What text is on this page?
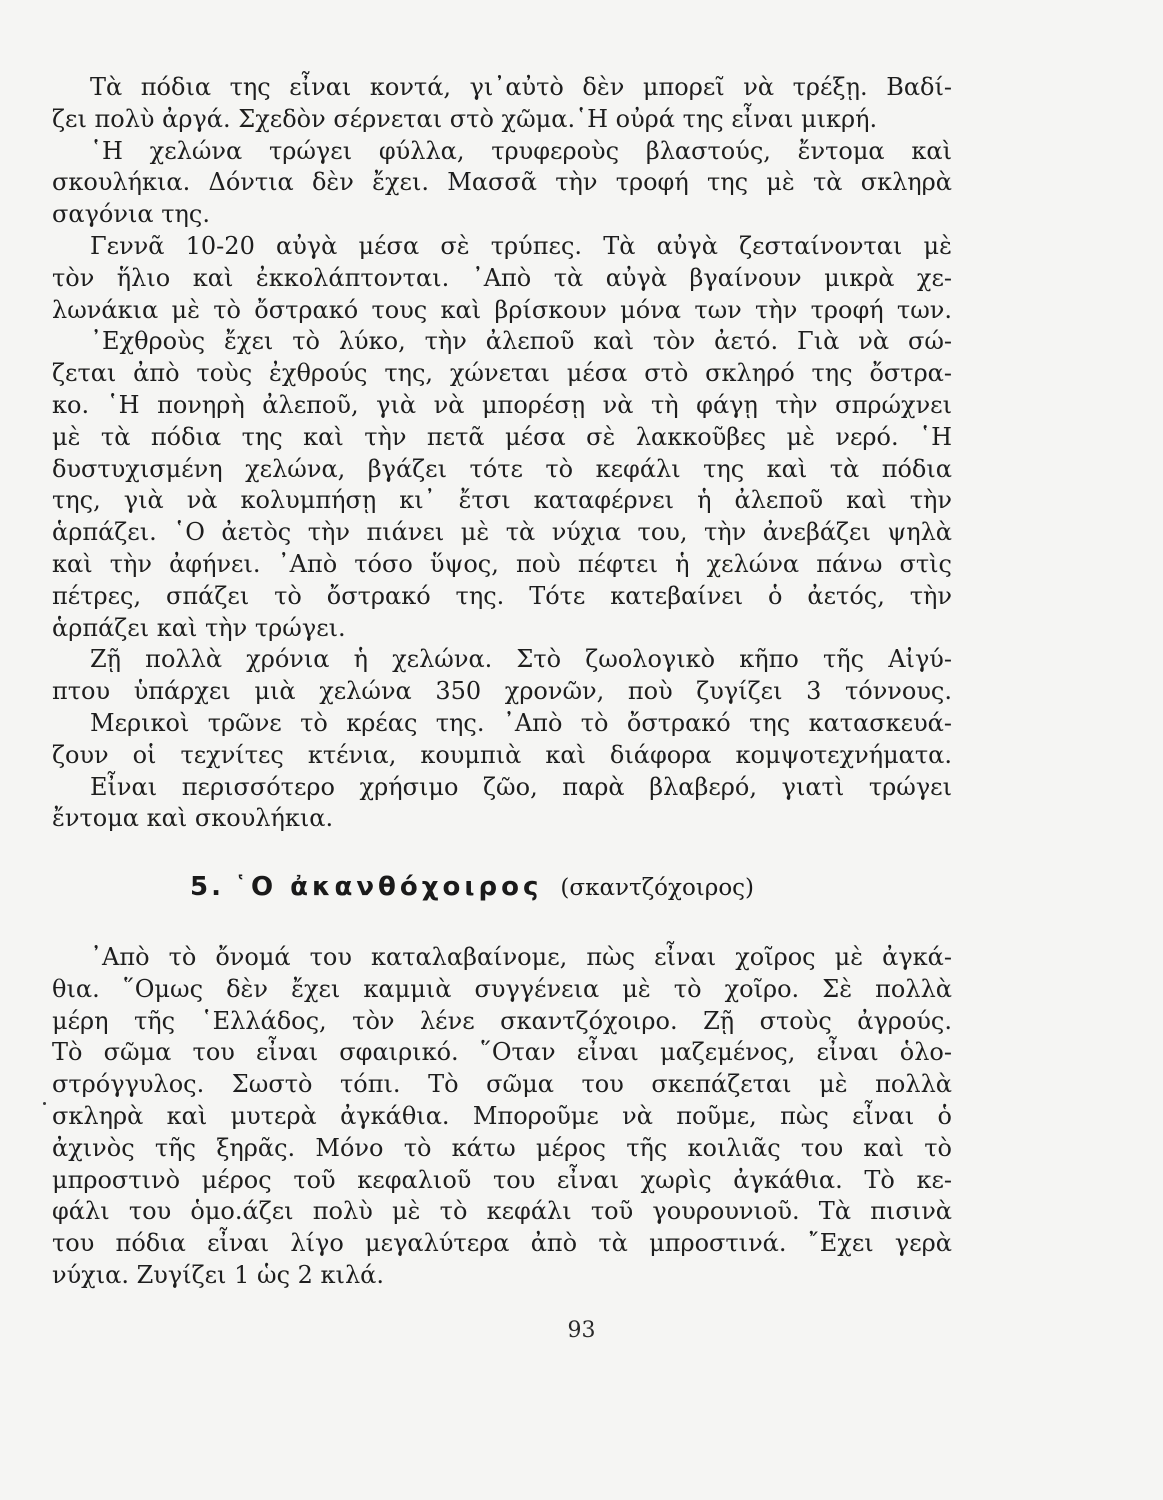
Τὰ πόδια της εἶναι κοντά, γι᾽αὐτὸ δὲν μπορεῖ νὰ τρέξῃ. Βαδί-
ζει πολὺ ἀργά. Σχεδὸν σέρνεται στὸ χῶμα.῾Η οὐρά της εἶναι μικρή.
῾Η χελώνα τρώγει φύλλα, τρυφεροὺς βλαστούς, ἔντομα καὶ
σκουλήκια. Δόντια δὲν ἔχει. Μασσᾶ τὴν τροφή της μὲ τὰ σκληρὰ
σαγόνια της.
Γεννᾶ 10-20 αὐγὰ μέσα σὲ τρύπες. Τὰ αὐγὰ ζεσταίνονται μὲ
τὸν ἥλιο καὶ ἐκκολάπτονται. ᾽Απὸ τὰ αὐγὰ βγαίνουν μικρὰ χε-
λωνάκια μὲ τὸ ὄστρακό τους καὶ βρίσκουν μόνα των τὴν τροφή των.
᾽Εχθροὺς ἔχει τὸ λύκο, τὴν ἀλεποῦ καὶ τὸν ἀετό. Γιὰ νὰ σώ-
ζεται ἀπὸ τοὺς ἐχθρούς της, χώνεται μέσα στὸ σκληρό της ὄστρα-
κο. ῾Η πονηρὴ ἀλεποῦ, γιὰ νὰ μπορέσῃ νὰ τὴ φάγῃ τὴν σπρώχνει
μὲ τὰ πόδια της καὶ τὴν πετᾶ μέσα σὲ λακκοῦβες μὲ νερό. ῾Η
δυστυχισμένη χελώνα, βγάζει τότε τὸ κεφάλι της καὶ τὰ πόδια
της, γιὰ νὰ κολυμπήσῃ κι᾽ ἔτσι καταφέρνει ἡ ἀλεποῦ καὶ τὴν
ἁρπάζει. ῾Ο ἀετὸς τὴν πιάνει μὲ τὰ νύχια του, τὴν ἀνεβάζει ψηλὰ
καὶ τὴν ἀφήνει. ᾽Απὸ τόσο ὕψος, ποὺ πέφτει ἡ χελώνα πάνω στὶς
πέτρες, σπάζει τὸ ὄστρακό της. Τότε κατεβαίνει ὁ ἀετός, τὴν
ἁρπάζει καὶ τὴν τρώγει.
Ζῇ πολλὰ χρόνια ἡ χελώνα. Στὸ ζωολογικὸ κῆπο τῆς Αἰγύ-
πτου ὑπάρχει μιὰ χελώνα 350 χρονῶν, ποὺ ζυγίζει 3 τόννους.
Μερικοὶ τρῶνε τὸ κρέας της. ᾽Απὸ τὸ ὄστρακό της κατασκευά-
ζουν οἱ τεχνίτες κτένια, κουμπιὰ καὶ διάφορα κομψοτεχνήματα.
Εἶναι περισσότερο χρήσιμο ζῶο, παρὰ βλαβερό, γιατὶ τρώγει
ἔντομα καὶ σκουλήκια.
5. ῾Ο ἀκανθόχοιρος (σκαντζόχοιρος)
᾽Απὸ τὸ ὄνομά του καταλαβαίνομε, πὼς εἶναι χοῖρος μὲ ἀγκά-
θια. ῞Ομως δὲν ἔχει καμμιὰ συγγένεια μὲ τὸ χοῖρο. Σὲ πολλὰ
μέρη τῆς ῾Ελλάδος, τὸν λένε σκαντζόχοιρο. Ζῇ στοὺς ἀγρούς.
Τὸ σῶμα του εἶναι σφαιρικό. ῞Οταν εἶναι μαζεμένος, εἶναι ὁλο-
στρόγγυλος. Σωστὸ τόπι. Τὸ σῶμα του σκεπάζεται μὲ πολλὰ
σκληρὰ καὶ μυτερὰ ἀγκάθια. Μποροῦμε νὰ ποῦμε, πὼς εἶναι ὁ
ἀχινὸς τῆς ξηρᾶς. Μόνο τὸ κάτω μέρος τῆς κοιλιᾶς του καὶ τὸ
μπροστινὸ μέρος τοῦ κεφαλιοῦ του εἶναι χωρὶς ἀγκάθια. Τὸ κε-
φάλι του ὁμο.άζει πολὺ μὲ τὸ κεφάλι τοῦ γουρουνιοῦ. Τὰ πισινὰ
του πόδια εἶναι λίγο μεγαλύτερα ἀπὸ τὰ μπροστινά. ῎Εχει γερὰ
νύχια. Ζυγίζει 1 ὡς 2 κιλά.
93
